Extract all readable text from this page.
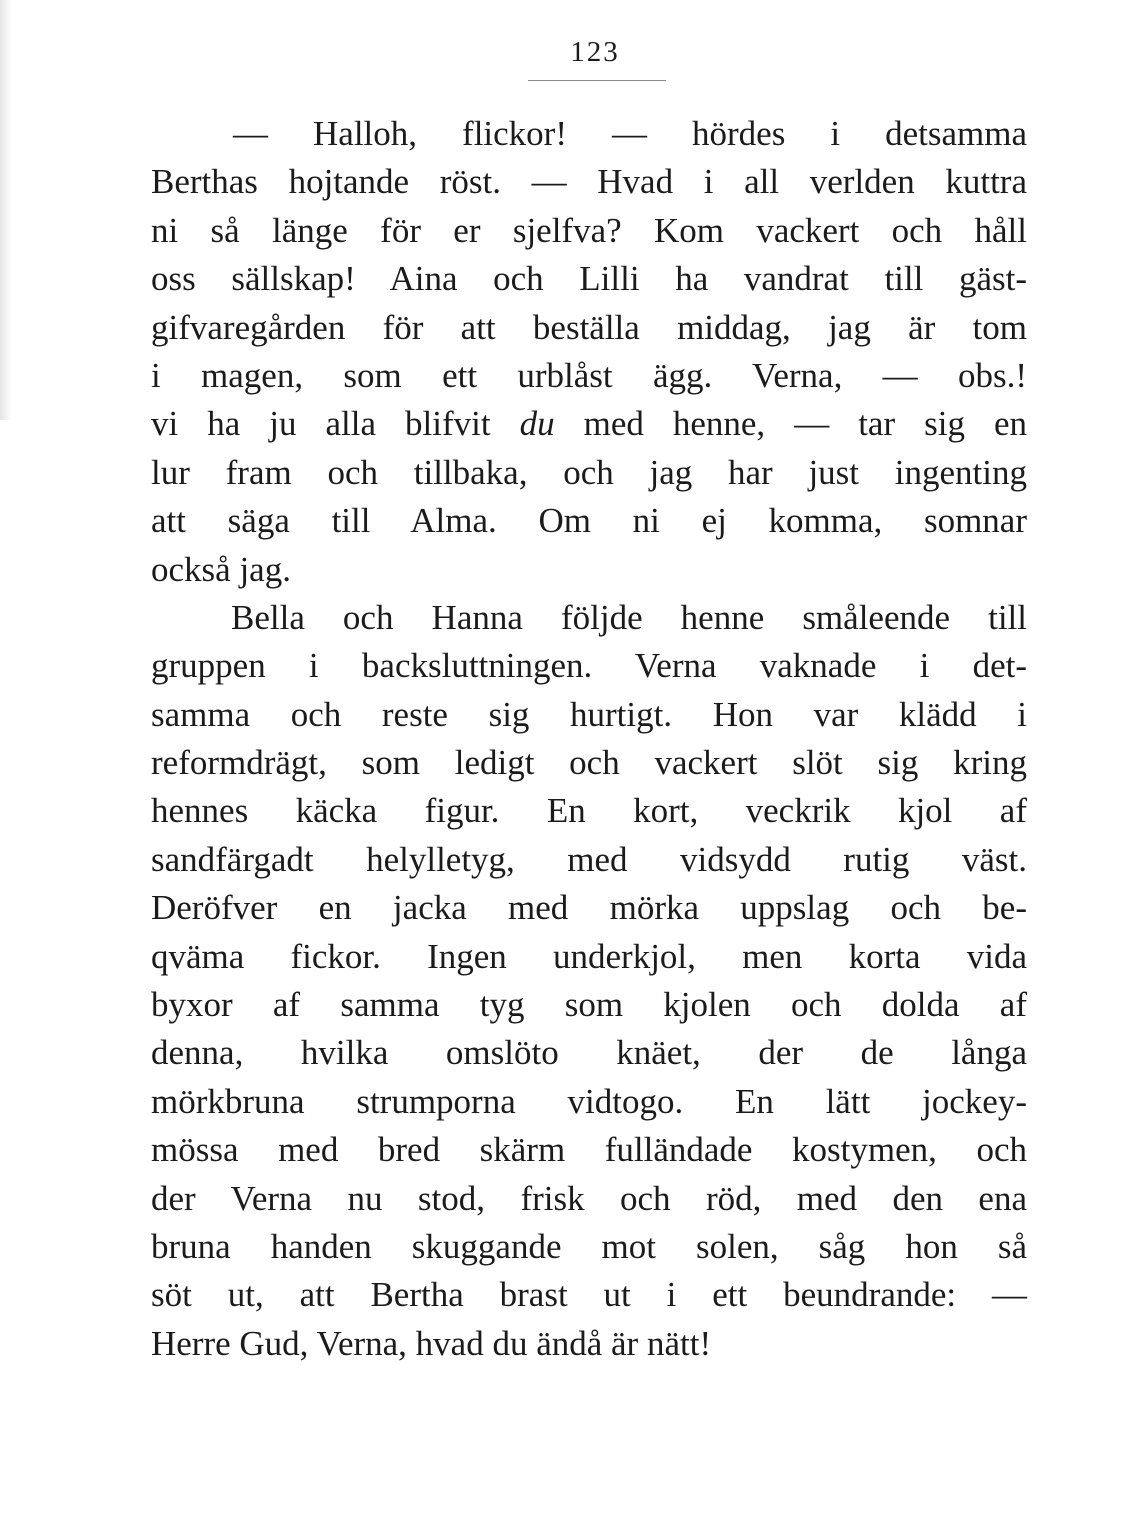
123
— Halloh, flickor! — hördes i detsamma
Berthas hojtande röst. — Hvad i all verlden kuttra
ni så länge för er sjelfva? Kom vackert och håll
oss sällskap! Aina och Lilli ha vandrat till gäst-
gifvaregården för att beställa middag, jag är tom
i magen, som ett urblåst ägg. Verna, — obs.!
vi ha ju alla blifvit du med henne, — tar sig en
lur fram och tillbaka, och jag har just ingenting
att säga till Alma. Om ni ej komma, somnar
också jag.
Bella och Hanna följde henne småleende till
gruppen i backsluttningen. Verna vaknade i det-
samma och reste sig hurtigt. Hon var klädd i
reformdrägt, som ledigt och vackert slöt sig kring
hennes käcka figur. En kort, veckrik kjol af
sandfärgadt helylletyg, med vidsydd rutig väst.
Deröfver en jacka med mörka uppslag och be-
qväma fickor. Ingen underkjol, men korta vida
byxor af samma tyg som kjolen och dolda af
denna, hvilka omslöto knäet, der de långa
mörkbruna strumporna vidtogo. En lätt jockey-
mössa med bred skärm fulländade kostymen, och
der Verna nu stod, frisk och röd, med den ena
bruna handen skuggande mot solen, såg hon så
söt ut, att Bertha brast ut i ett beundrande: —
Herre Gud, Verna, hvad du ändå är nätt!
